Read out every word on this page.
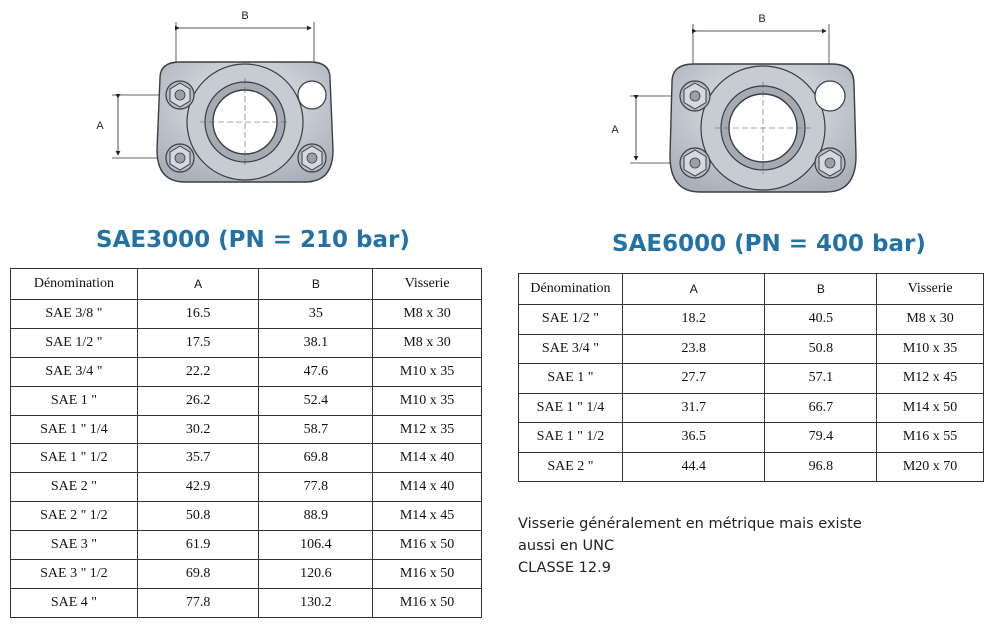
B
A
B
A
SAE3000 (PN = 210 bar)	SAE6000 (PN = 400 bar)
Dénomination	A	B	Visserie
SAE 3/8 "	16.5	35	M8 x 30
SAE 1/2 "	17.5	38.1	M8 x 30
SAE 3/4 "	22.2	47.6	M10 x 35
SAE 1 "	26.2	52.4	M10 x 35
SAE 1 " 1/4	30.2	58.7	M12 x 35
SAE 1 " 1/2	35.7	69.8	M14 x 40
SAE 2 "	42.9	77.8	M14 x 40
SAE 2 " 1/2	50.8	88.9	M14 x 45
SAE 3 "	61.9	106.4	M16 x 50
SAE 3 " 1/2	69.8	120.6	M16 x 50
SAE 4 "	77.8	130.2	M16 x 50
Dénomination	A	B	Visserie
SAE 1/2 "	18.2	40.5	M8 x 30
SAE 3/4 "	23.8	50.8	M10 x 35
SAE 1 "	27.7	57.1	M12 x 45
SAE 1 " 1/4	31.7	66.7	M14 x 50
SAE 1 " 1/2	36.5	79.4	M16 x 55
SAE 2 "	44.4	96.8	M20 x 70
Visserie généralement en métrique mais existe
aussi en UNC
CLASSE 12.9
